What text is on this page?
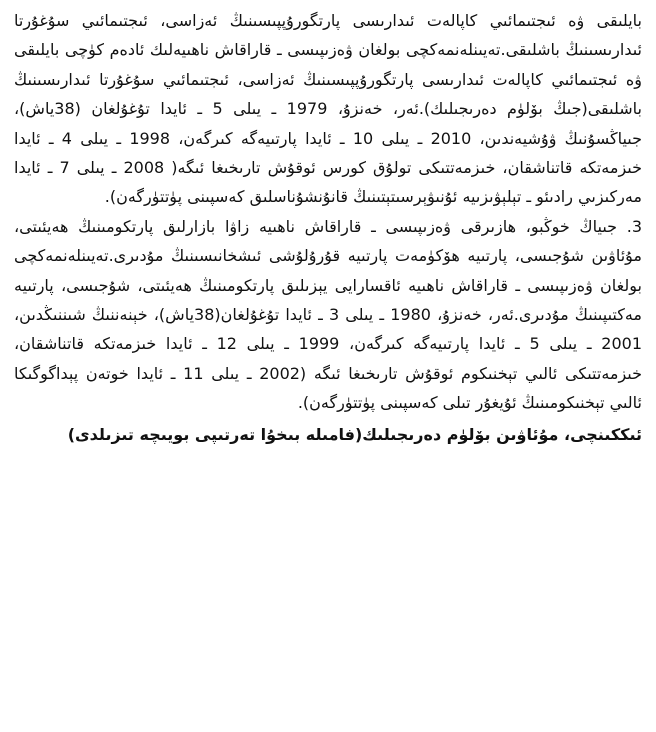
بايلىقى ۋە ئىجتىمائىي كاپالەت ئىدارىسى پارتگورۇپپىسىنىڭ ئەزاسى، ئىجتىمائىي سۇغۇرتا ئىدارىسىنىڭ باشلىقى.تەيىنلەنمەكچى بولغان ۋەزىپىسى ـ قاراقاش ناھىيەلىك ئادەم كۈچى بايلىقى ۋە ئىجتىمائىي كاپالەت ئىدارىسى پارتگورۇپپىسىنىڭ ئەزاسى، ئىجتىمائىي سۇغۇرتا ئىدارىسىنىڭ باشلىقى(جىڭ بۆلۈم دەرىجىلىك).ئەر، خەنزۇ، 1979 ـ يىلى 5 ـ ئايدا تۇغۇلغان (38ياش)، جىياڭسۇنىڭ ۋۇشيەندىن، 2010 ـ يىلى 10 ـ ئايدا پارتىيەگە كىرگەن، 1998 ـ يىلى 4 ـ ئايدا خىزمەتكە قاتناشقان، خىزمەتتىكى تولۇق كورس ئوقۇش تارىخىغا ئىگە( 2008 ـ يىلى 7 ـ ئايدا مەركىزىي رادىئو ـ تېلېۋىزىيە ئۇنىۋېرسىتېتىنىڭ قانۇنشۇناسلىق كەسپىنى پۈتتۈرگەن).

3. جىياڭ خوڭبو، ھازىرقى ۋەزىپىسى ـ قاراقاش ناھىيە زاۋا بازارلىق پارتكومىنىڭ ھەيئىتى، مۇئاۋىن شۇجىسى، پارتىيە ھۆكۈمەت پارتىيە قۇرۇلۇشى ئىشخانىسىنىڭ مۇدىرى.تەيىنلەنمەكچى بولغان ۋەزىپىسى ـ قاراقاش ناھىيە ئاقسارايى يېزىلىق پارتكومىنىڭ ھەيئىتى، شۇجىسى، پارتىيە مەكتىپىنىڭ مۇدىرى.ئەر، خەنزۇ، 1980 ـ يىلى 3 ـ ئايدا تۇغۇلغان(38ياش)، خېنەننىڭ شىننىڭدىن، 2001 ـ يىلى 5 ـ ئايدا پارتىيەگە كىرگەن، 1999 ـ يىلى 12 ـ ئايدا خىزمەتكە قاتناشقان، خىزمەتتىكى ئالىي تېخنىكوم ئوقۇش تارىخىغا ئىگە (2002 ـ يىلى 11 ـ ئايدا خوتەن پېداگوگىكا ئالىي تېخنىكومىنىڭ ئۇيغۇر تىلى كەسپىنى پۈتتۈرگەن).

ئىككىنچى، مۇئاۋىن بۆلۈم دەرىجىلىك(فامىلە بىخۇا تەرتىپى بويىچە تىزىلدى)
